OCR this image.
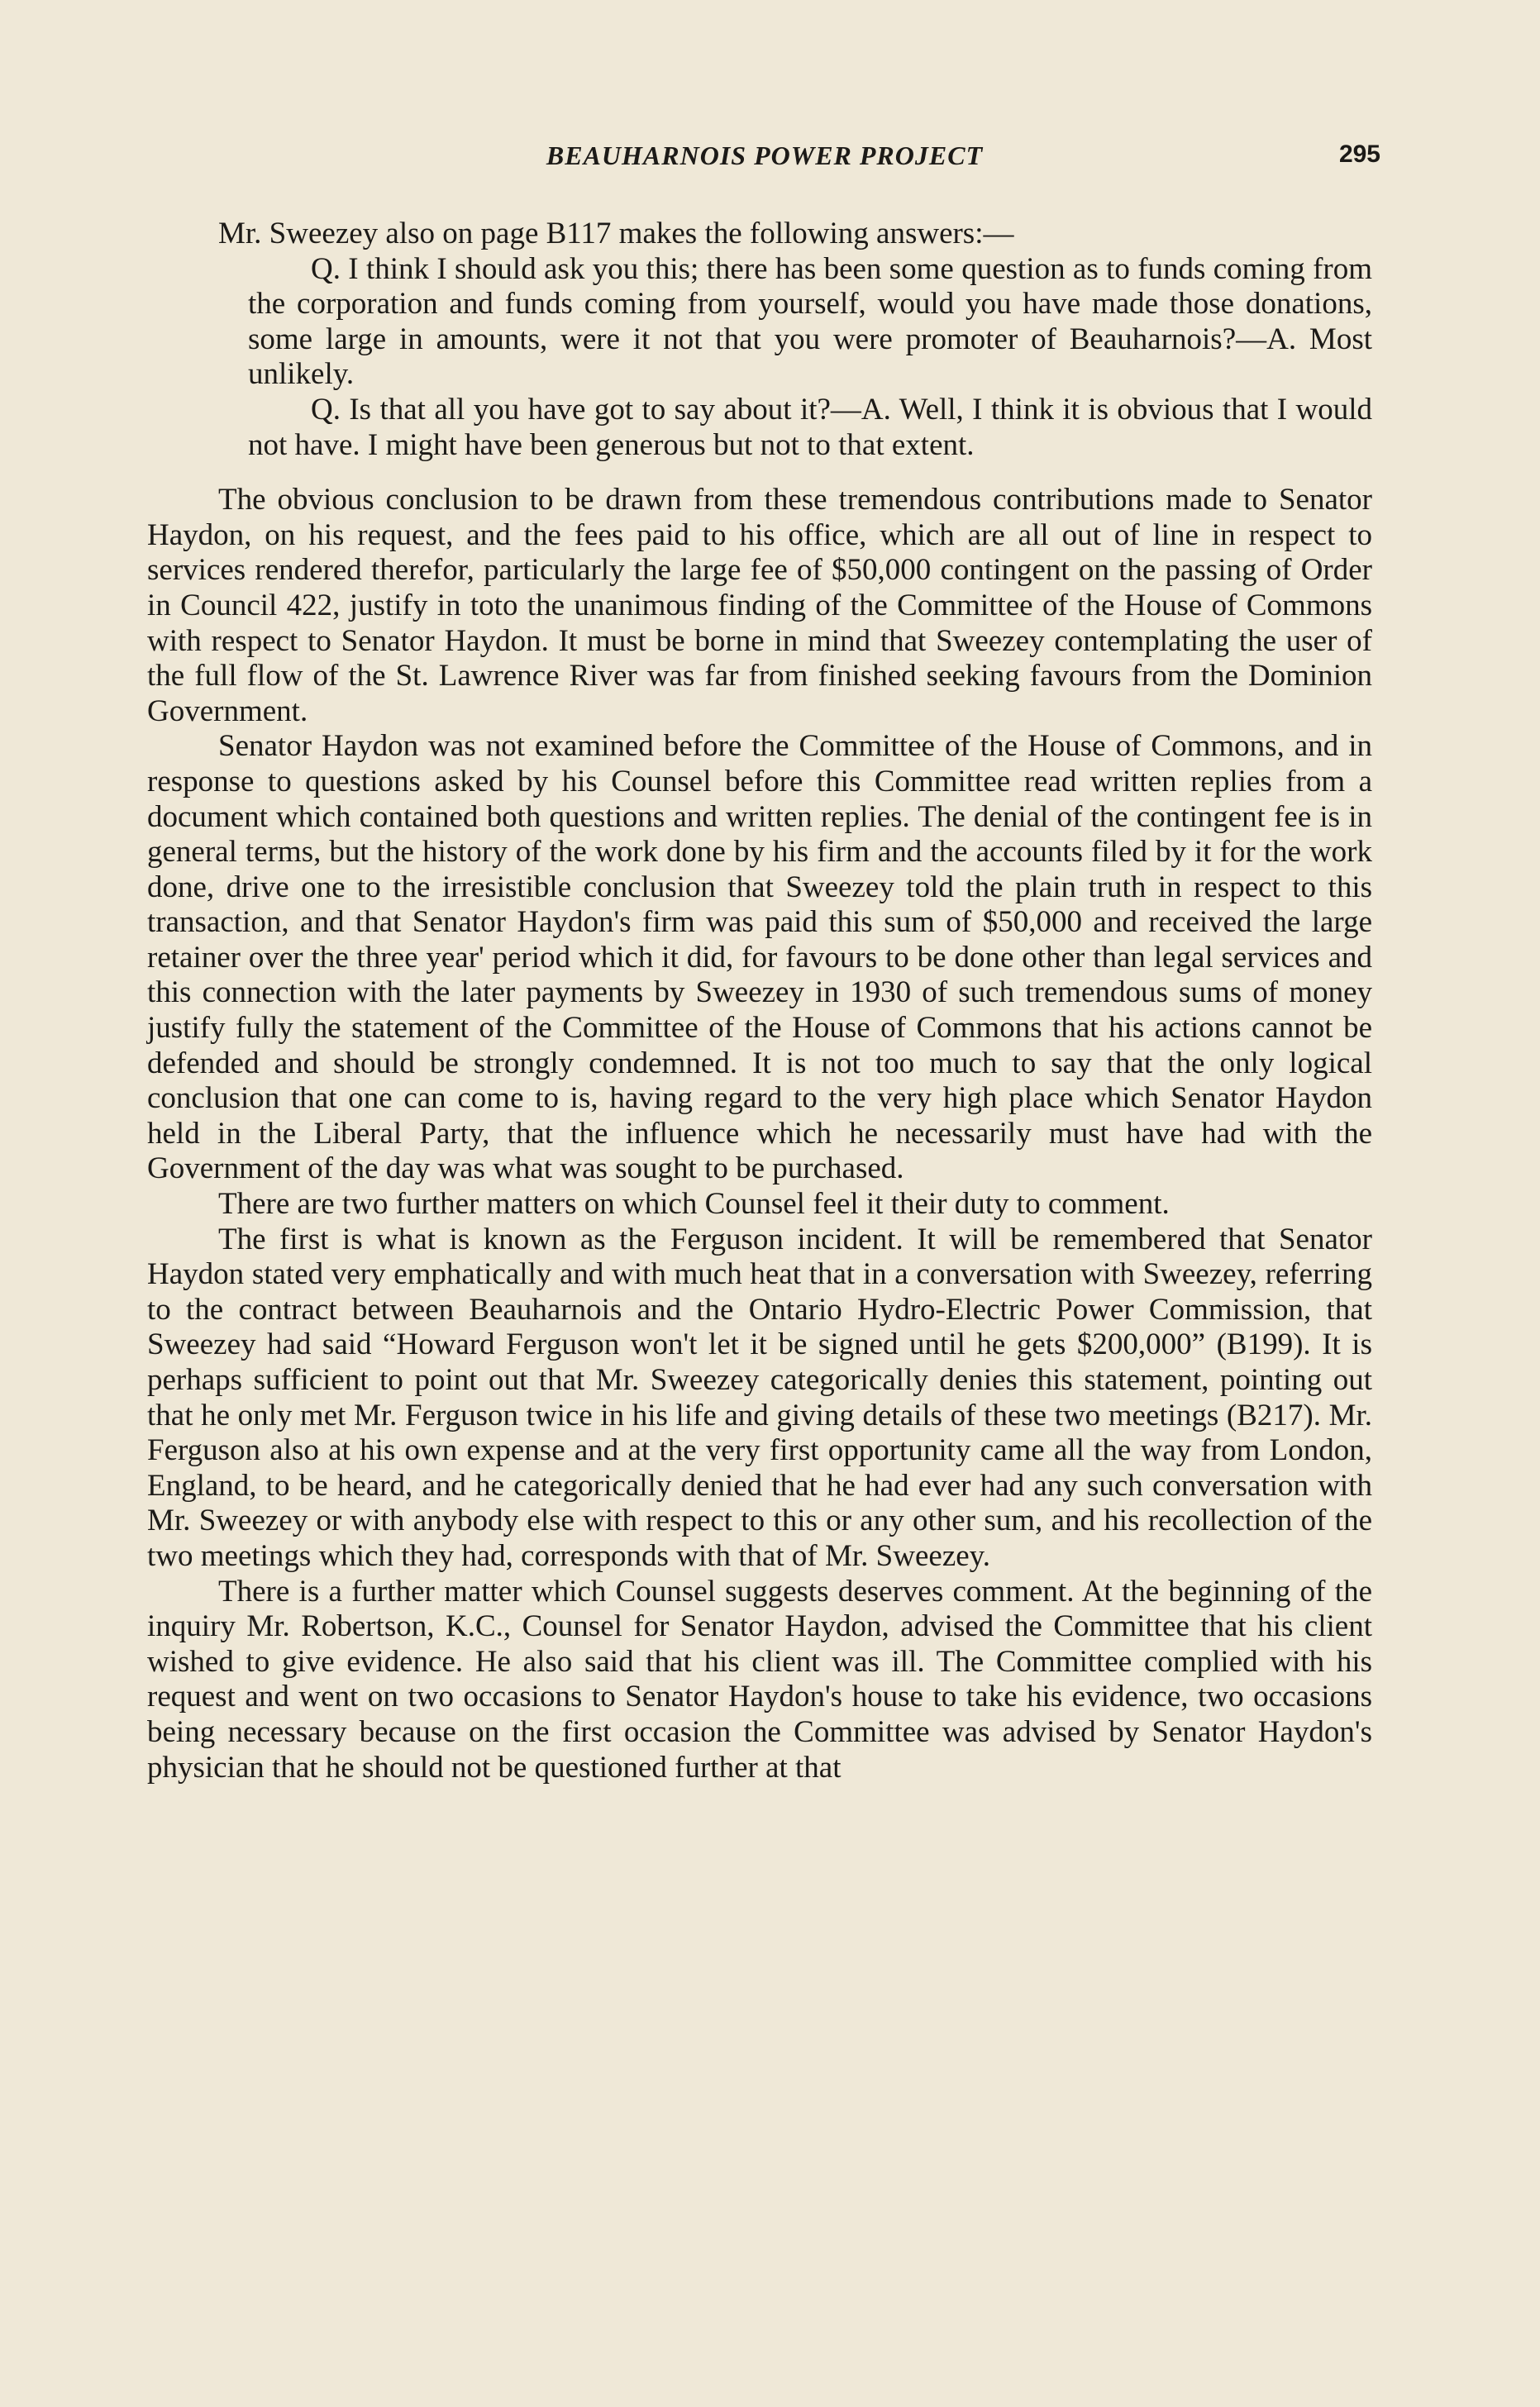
BEAUHARNOIS POWER PROJECT	295

Mr. Sweezey also on page B117 makes the following answers:—

Q. I think I should ask you this; there has been some question as to funds coming from the corporation and funds coming from yourself, would you have made those donations, some large in amounts, were it not that you were promoter of Beauharnois?—A. Most unlikely.

Q. Is that all you have got to say about it?—A. Well, I think it is obvious that I would not have. I might have been generous but not to that extent.

The obvious conclusion to be drawn from these tremendous contributions made to Senator Haydon, on his request, and the fees paid to his office, which are all out of line in respect to services rendered therefor, particularly the large fee of $50,000 contingent on the passing of Order in Council 422, justify in toto the unanimous finding of the Committee of the House of Commons with respect to Senator Haydon. It must be borne in mind that Sweezey contemplating the user of the full flow of the St. Lawrence River was far from finished seeking favours from the Dominion Government.

Senator Haydon was not examined before the Committee of the House of Commons, and in response to questions asked by his Counsel before this Committee read written replies from a document which contained both questions and written replies. The denial of the contingent fee is in general terms, but the history of the work done by his firm and the accounts filed by it for the work done, drive one to the irresistible conclusion that Sweezey told the plain truth in respect to this transaction, and that Senator Haydon's firm was paid this sum of $50,000 and received the large retainer over the three year' period which it did, for favours to be done other than legal services and this connection with the later payments by Sweezey in 1930 of such tremendous sums of money justify fully the statement of the Committee of the House of Commons that his actions cannot be defended and should be strongly condemned. It is not too much to say that the only logical conclusion that one can come to is, having regard to the very high place which Senator Haydon held in the Liberal Party, that the influence which he necessarily must have had with the Government of the day was what was sought to be purchased.

There are two further matters on which Counsel feel it their duty to comment.

The first is what is known as the Ferguson incident. It will be remembered that Senator Haydon stated very emphatically and with much heat that in a conversation with Sweezey, referring to the contract between Beauharnois and the Ontario Hydro-Electric Power Commission, that Sweezey had said “Howard Ferguson won't let it be signed until he gets $200,000” (B199). It is perhaps sufficient to point out that Mr. Sweezey categorically denies this statement, pointing out that he only met Mr. Ferguson twice in his life and giving details of these two meetings (B217). Mr. Ferguson also at his own expense and at the very first opportunity came all the way from London, England, to be heard, and he categorically denied that he had ever had any such conversation with Mr. Sweezey or with anybody else with respect to this or any other sum, and his recollection of the two meetings which they had, corresponds with that of Mr. Sweezey.

There is a further matter which Counsel suggests deserves comment. At the beginning of the inquiry Mr. Robertson, K.C., Counsel for Senator Haydon, advised the Committee that his client wished to give evidence. He also said that his client was ill. The Committee complied with his request and went on two occasions to Senator Haydon's house to take his evidence, two occasions being necessary because on the first occasion the Committee was advised by Senator Haydon's physician that he should not be questioned further at that
